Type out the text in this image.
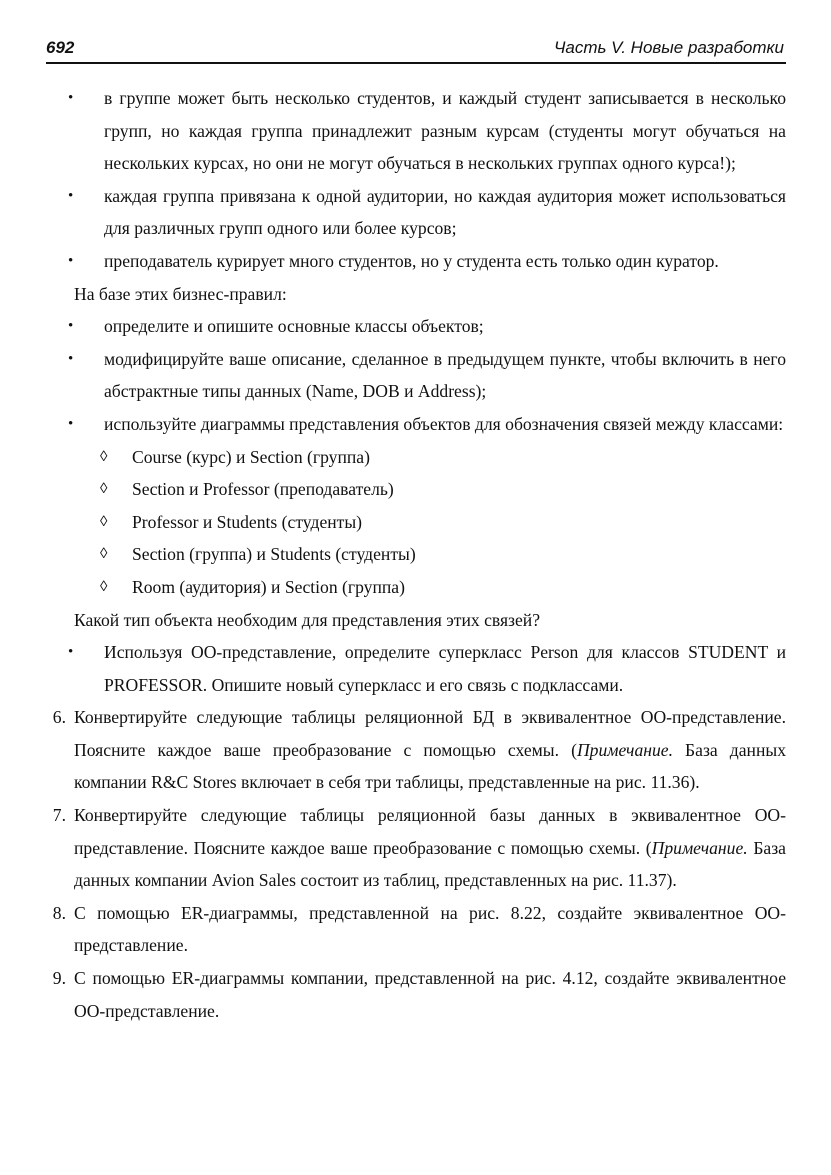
692	Часть V. Новые разработки

• в группе может быть несколько студентов, и каждый студент записывается в несколько групп, но каждая группа принадлежит разным курсам (студенты могут обучаться на нескольких курсах, но они не могут обучаться в нескольких группах одного курса!);

• каждая группа привязана к одной аудитории, но каждая аудитория может использоваться для различных групп одного или более курсов;

• преподаватель курирует много студентов, но у студента есть только один куратор.

На базе этих бизнес-правил:

• определите и опишите основные классы объектов;

• модифицируйте ваше описание, сделанное в предыдущем пункте, чтобы включить в него абстрактные типы данных (Name, DOB и Address);

• используйте диаграммы представления объектов для обозначения связей между классами:

◊ Course (курс) и Section (группа)

◊ Section и Professor (преподаватель)

◊ Professor и Students (студенты)

◊ Section (группа) и Students (студенты)

◊ Room (аудитория) и Section (группа)

Какой тип объекта необходим для представления этих связей?

• Используя ОО-представление, определите суперкласс Person для классов STUDENT и PROFESSOR. Опишите новый суперкласс и его связь с подклассами.

6. Конвертируйте следующие таблицы реляционной БД в эквивалентное ОО-представление. Поясните каждое ваше преобразование с помощью схемы. (Примечание. База данных компании R&C Stores включает в себя три таблицы, представленные на рис. 11.36).

7. Конвертируйте следующие таблицы реляционной базы данных в эквивалентное ОО-представление. Поясните каждое ваше преобразование с помощью схемы. (Примечание. База данных компании Avion Sales состоит из таблиц, представленных на рис. 11.37).

8. С помощью ER-диаграммы, представленной на рис. 8.22, создайте эквивалентное ОО-представление.

9. С помощью ER-диаграммы компании, представленной на рис. 4.12, создайте эквивалентное ОО-представление.
